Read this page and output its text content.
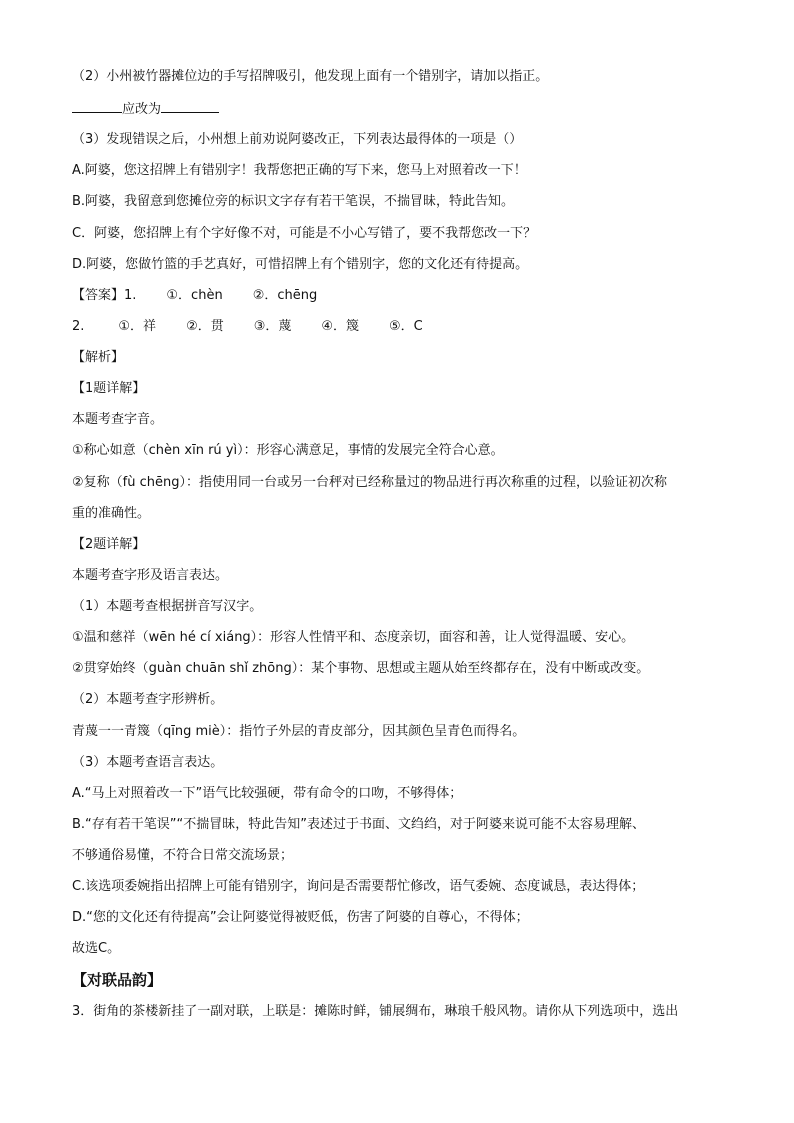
（2）小州被竹器摊位边的手写招牌吸引，他发现上面有一个错别字，请加以指正。
应改为
（3）发现错误之后，小州想上前劝说阿婆改正，下列表达最得体的一项是（）
A.阿婆，您这招牌上有错别字！我帮您把正确的写下来，您马上对照着改一下！
B.阿婆，我留意到您摊位旁的标识文字存有若干笔误，不揣冒昧，特此告知。
C．阿婆，您招牌上有个字好像不对，可能是不小心写错了，要不我帮您改一下？
D.阿婆，您做竹篮的手艺真好，可惜招牌上有个错别字，您的文化还有待提高。
【答案】1. ①．chèn ②．chēng
2.	①．祥 ②．贯 ③．蔑 ④．篾 ⑤．C
【解析】
【1题详解】
本题考查字音。
①称心如意（chèn xīn rú yì）：形容心满意足，事情的发展完全符合心意。
②复称（fù chēng）：指使用同一台或另一台秤对已经称量过的物品进行再次称重的过程，以验证初次称
重的准确性。
【2题详解】
本题考查字形及语言表达。
（1）本题考查根据拼音写汉字。
①温和慈祥（wēn hé cí xiáng）：形容人性情平和、态度亲切，面容和善，让人觉得温暖、安心。
②贯穿始终（guàn chuān shǐ zhōng）：某个事物、思想或主题从始至终都存在，没有中断或改变。
（2）本题考查字形辨析。
青蔑一一青篾（qīng miè）：指竹子外层的青皮部分，因其颜色呈青色而得名。
（3）本题考查语言表达。
A.“马上对照着改一下”语气比较强硬，带有命令的口吻，不够得体；
B.“存有若干笔误”“不揣冒昧，特此告知”表述过于书面、文绉绉，对于阿婆来说可能不太容易理解、
不够通俗易懂，不符合日常交流场景；
C.该选项委婉指出招牌上可能有错别字，询问是否需要帮忙修改，语气委婉、态度诚恳，表达得体；
D.“您的文化还有待提高”会让阿婆觉得被贬低，伤害了阿婆的自尊心，不得体；
故选C。
【对联品韵】
3．街角的茶楼新挂了一副对联，上联是：摊陈时鲜，铺展绸布，琳琅千般风物。请你从下列选项中，选出
